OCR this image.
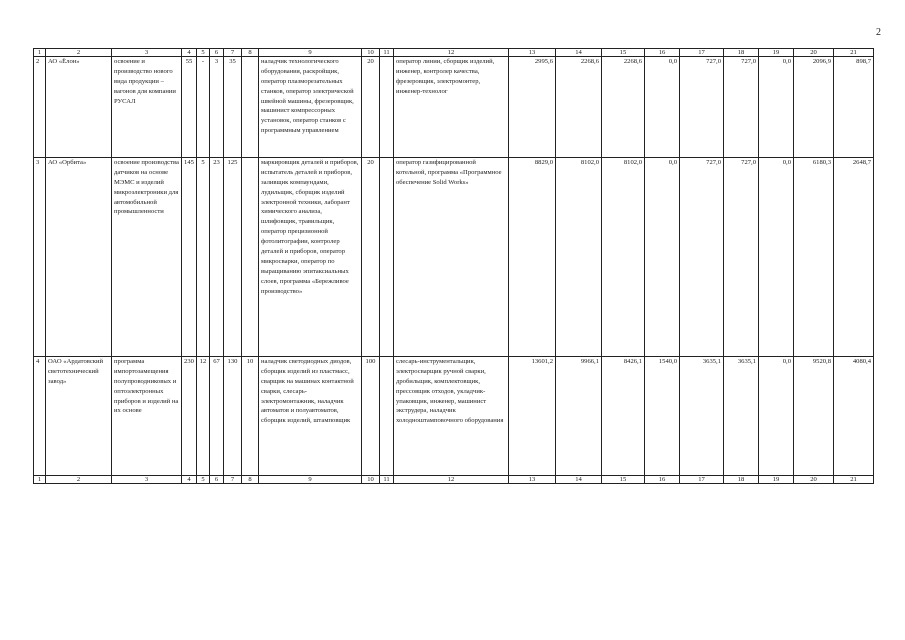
2
1	2	3	4	5	6	7	8	9	10	11	12	13	14	15	16	17	18	19	20	21
2	АО «Ёлон»	освоение и производство нового вида продукции – вагонов для компании РУСАЛ	55	-	3	35		наладчик технологического оборудования, раскройщик, оператор плазморезательных станков, оператор электрической швейной машины, фрезеровщик, машинист компрессорных установок, оператор станков с программным управлением	20		оператор линии, сборщик изделий, инженер, контролер качества, фрезеровщик, электромонтер, инженер-технолог	2995,6	2268,6	2268,6	0,0	727,0	727,0	0,0	2096,9	898,7
3	АО «Орбита»	освоение производства датчиков на основе МЭМС и изделий микроэлектроники для автомобильной промышленности	145	5	23	125		маркировщик деталей и приборов, испытатель деталей и приборов, заливщик компаундами, лудильщик, сборщик изделий электронной техники, лаборант химического анализа, шлифовщик, травильщик, оператор прецизионной фотолитографии, контролер деталей и приборов, оператор микросварки, оператор по выращиванию эпитаксиальных слоев, программа «Бережливое производство»	20		оператор газифицированной котельной, программа «Программное обеспечение Solid Works»	8829,0	8102,0	8102,0	0,0	727,0	727,0	0,0	6180,3	2648,7
4	ОАО «Ардатовский светотехнический завод»	программа импортозамещения полупроводниковых и оптоэлектронных приборов и изделий на их основе	230	12	67	130	10	наладчик светодиодных диодов, сборщик изделий из пластмасс, сварщик на машинах контактной сварки, слесарь-электромонтажник, наладчик автоматов и полуавтоматов, сборщик изделий, штамповщик	100		слесарь-инструментальщик, электросварщик ручной сварки, дробильщик, комплектовщик, прессовщик отходов, укладчик-упаковщик, инженер, машинист экструдера, наладчик холодноштамповочного оборудования	13601,2	9966,1	8426,1	1540,0	3635,1	3635,1	0,0	9520,8	4080,4
1	2	3	4	5	6	7	8	9	10	11	12	13	14	15	16	17	18	19	20	21
